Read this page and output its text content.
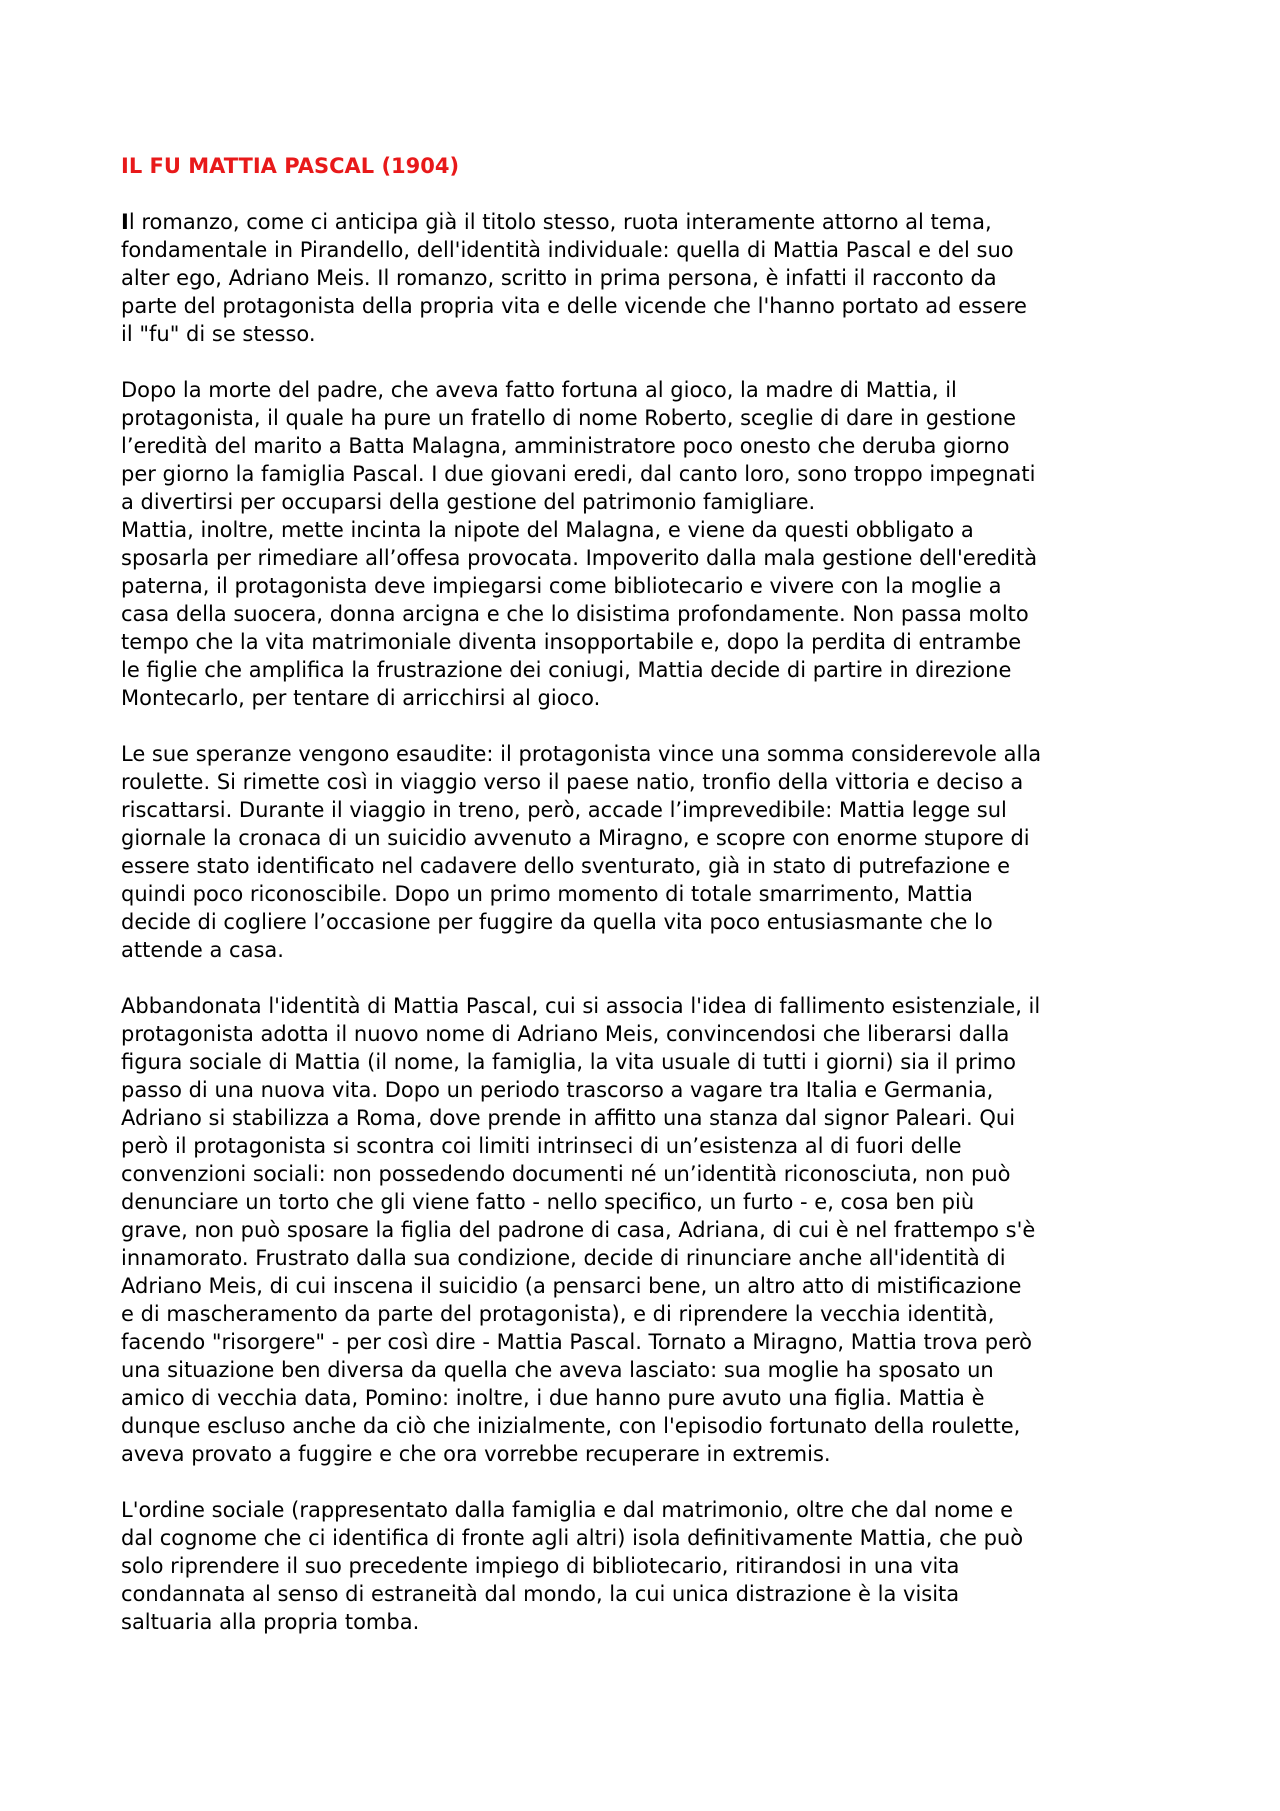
IL FU MATTIA PASCAL (1904)

Il romanzo, come ci anticipa già il titolo stesso, ruota interamente attorno al tema,
fondamentale in Pirandello, dell'identità individuale: quella di Mattia Pascal e del suo
alter ego, Adriano Meis. Il romanzo, scritto in prima persona, è infatti il racconto da
parte del protagonista della propria vita e delle vicende che l'hanno portato ad essere
il "fu" di se stesso.

Dopo la morte del padre, che aveva fatto fortuna al gioco, la madre di Mattia, il
protagonista, il quale ha pure un fratello di nome Roberto, sceglie di dare in gestione
l’eredità del marito a Batta Malagna, amministratore poco onesto che deruba giorno
per giorno la famiglia Pascal. I due giovani eredi, dal canto loro, sono troppo impegnati
a divertirsi per occuparsi della gestione del patrimonio famigliare.
Mattia, inoltre, mette incinta la nipote del Malagna, e viene da questi obbligato a
sposarla per rimediare all’offesa provocata. Impoverito dalla mala gestione dell'eredità
paterna, il protagonista deve impiegarsi come bibliotecario e vivere con la moglie a
casa della suocera, donna arcigna e che lo disistima profondamente. Non passa molto
tempo che la vita matrimoniale diventa insopportabile e, dopo la perdita di entrambe
le figlie che amplifica la frustrazione dei coniugi, Mattia decide di partire in direzione
Montecarlo, per tentare di arricchirsi al gioco.

Le sue speranze vengono esaudite: il protagonista vince una somma considerevole alla
roulette. Si rimette così in viaggio verso il paese natio, tronfio della vittoria e deciso a
riscattarsi. Durante il viaggio in treno, però, accade l’imprevedibile: Mattia legge sul
giornale la cronaca di un suicidio avvenuto a Miragno, e scopre con enorme stupore di
essere stato identificato nel cadavere dello sventurato, già in stato di putrefazione e
quindi poco riconoscibile. Dopo un primo momento di totale smarrimento, Mattia
decide di cogliere l’occasione per fuggire da quella vita poco entusiasmante che lo
attende a casa.

Abbandonata l'identità di Mattia Pascal, cui si associa l'idea di fallimento esistenziale, il
protagonista adotta il nuovo nome di Adriano Meis, convincendosi che liberarsi dalla
figura sociale di Mattia (il nome, la famiglia, la vita usuale di tutti i giorni) sia il primo
passo di una nuova vita. Dopo un periodo trascorso a vagare tra Italia e Germania,
Adriano si stabilizza a Roma, dove prende in affitto una stanza dal signor Paleari. Qui
però il protagonista si scontra coi limiti intrinseci di un’esistenza al di fuori delle
convenzioni sociali: non possedendo documenti né un’identità riconosciuta, non può
denunciare un torto che gli viene fatto - nello specifico, un furto - e, cosa ben più
grave, non può sposare la figlia del padrone di casa, Adriana, di cui è nel frattempo s'è
innamorato. Frustrato dalla sua condizione, decide di rinunciare anche all'identità di
Adriano Meis, di cui inscena il suicidio (a pensarci bene, un altro atto di mistificazione
e di mascheramento da parte del protagonista), e di riprendere la vecchia identità,
facendo "risorgere" - per così dire - Mattia Pascal. Tornato a Miragno, Mattia trova però
una situazione ben diversa da quella che aveva lasciato: sua moglie ha sposato un
amico di vecchia data, Pomino: inoltre, i due hanno pure avuto una figlia. Mattia è
dunque escluso anche da ciò che inizialmente, con l'episodio fortunato della roulette,
aveva provato a fuggire e che ora vorrebbe recuperare in extremis.

L'ordine sociale (rappresentato dalla famiglia e dal matrimonio, oltre che dal nome e
dal cognome che ci identifica di fronte agli altri) isola definitivamente Mattia, che può
solo riprendere il suo precedente impiego di bibliotecario, ritirandosi in una vita
condannata al senso di estraneità dal mondo, la cui unica distrazione è la visita
saltuaria alla propria tomba.
